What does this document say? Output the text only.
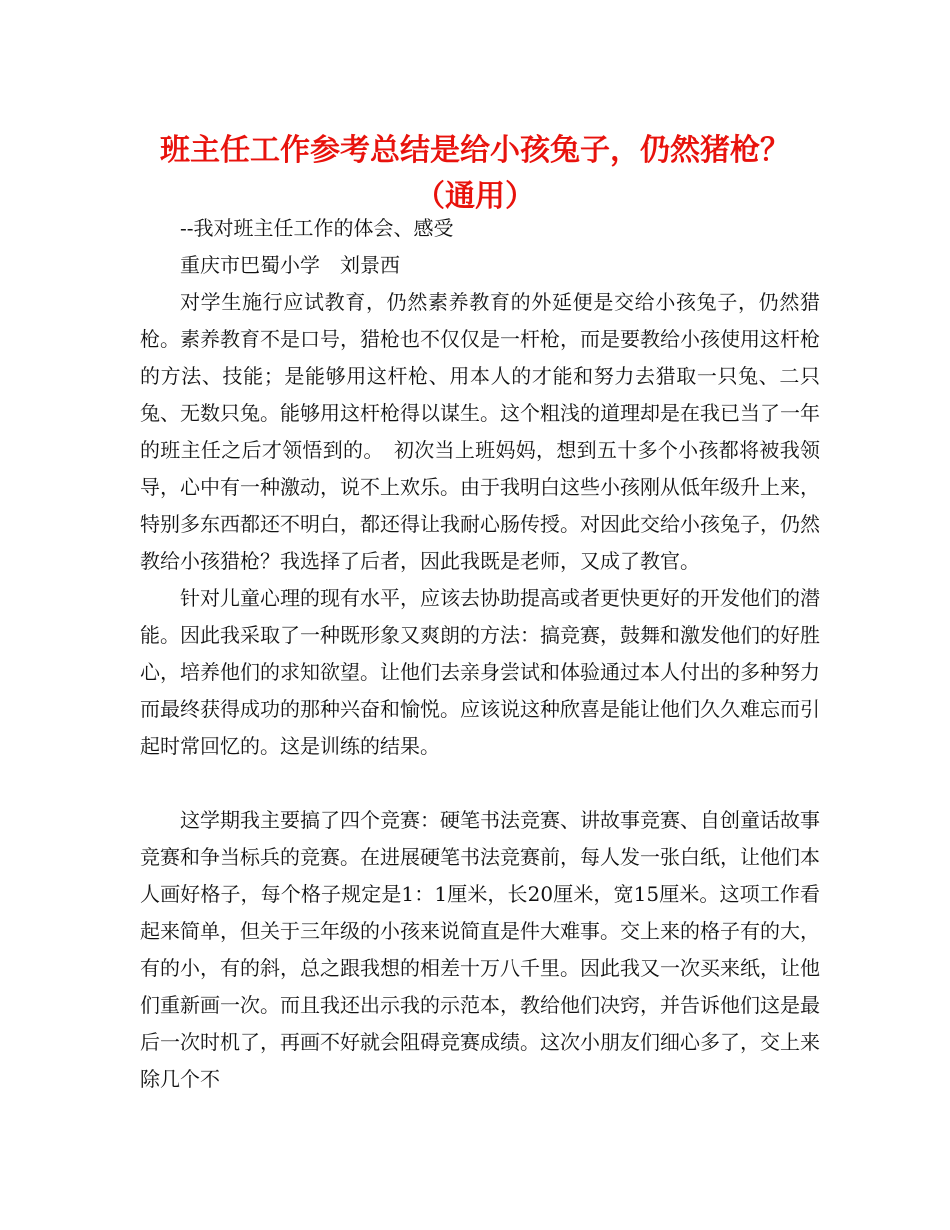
班主任工作参考总结是给小孩兔子，仍然猪枪？
（通用）

--我对班主任工作的体会、感受

重庆市巴蜀小学　刘景西

对学生施行应试教育，仍然素养教育的外延便是交给小孩兔子，仍然猎枪。素养教育不是口号，猎枪也不仅仅是一杆枪，而是要教给小孩使用这杆枪的方法、技能；是能够用这杆枪、用本人的才能和努力去猎取一只兔、二只兔、无数只兔。能够用这杆枪得以谋生。这个粗浅的道理却是在我已当了一年的班主任之后才领悟到的。　初次当上班妈妈，想到五十多个小孩都将被我领导，心中有一种激动，说不上欢乐。由于我明白这些小孩刚从低年级升上来，特别多东西都还不明白，都还得让我耐心肠传授。对因此交给小孩兔子，仍然教给小孩猎枪？我选择了后者，因此我既是老师，又成了教官。

针对儿童心理的现有水平，应该去协助提高或者更快更好的开发他们的潜能。因此我采取了一种既形象又爽朗的方法：搞竞赛，鼓舞和激发他们的好胜心，培养他们的求知欲望。让他们去亲身尝试和体验通过本人付出的多种努力而最终获得成功的那种兴奋和愉悦。应该说这种欣喜是能让他们久久难忘而引起时常回忆的。这是训练的结果。

这学期我主要搞了四个竞赛：硬笔书法竞赛、讲故事竞赛、自创童话故事竞赛和争当标兵的竞赛。在进展硬笔书法竞赛前，每人发一张白纸，让他们本人画好格子，每个格子规定是1：1厘米，长20厘米，宽15厘米。这项工作看起来简单，但关于三年级的小孩来说简直是件大难事。交上来的格子有的大，有的小，有的斜，总之跟我想的相差十万八千里。因此我又一次买来纸，让他们重新画一次。而且我还出示我的示范本，教给他们决窍，并告诉他们这是最后一次时机了，再画不好就会阻碍竞赛成绩。这次小朋友们细心多了，交上来除几个不
